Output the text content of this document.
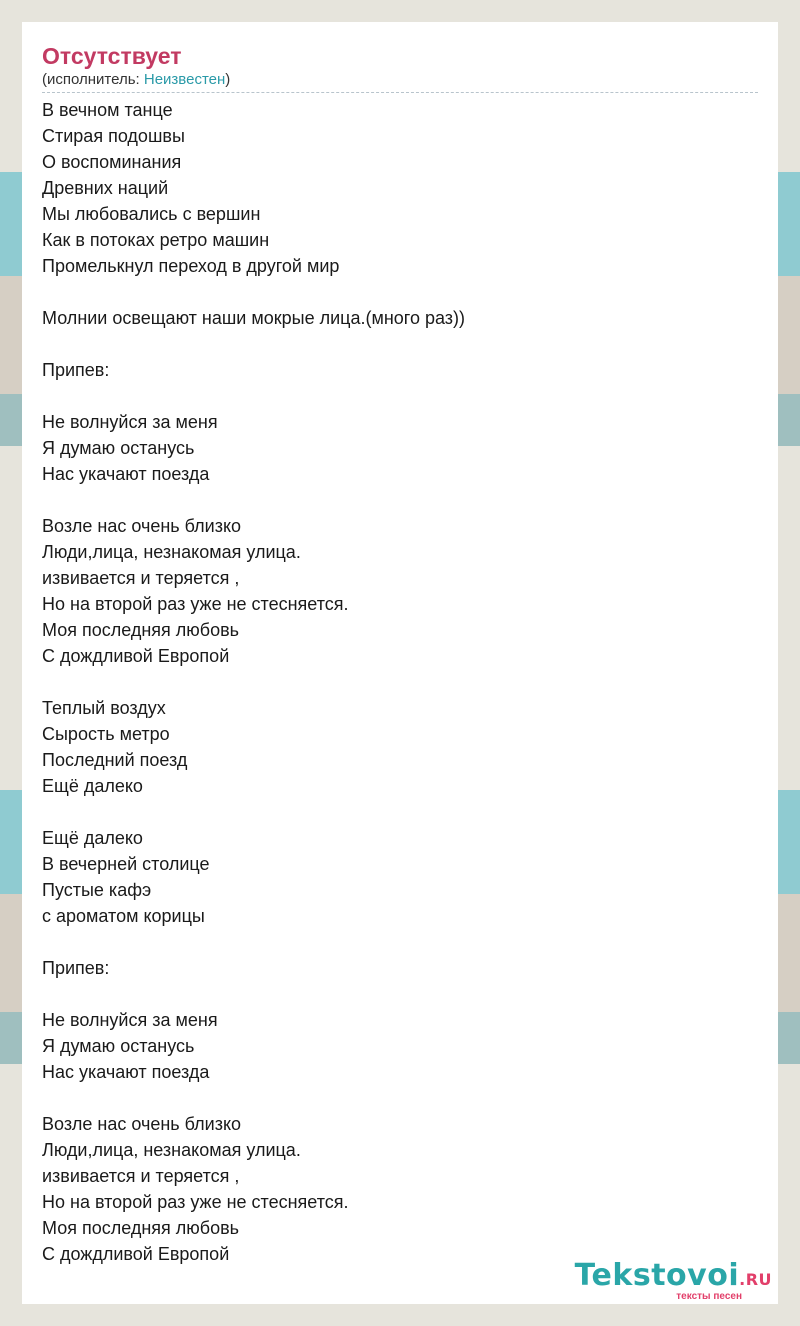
Отсутствует
(исполнитель: Неизвестен)
В вечном танце
Стирая подошвы
О воспоминания
Древних наций
Мы любовались с вершин
Как в потоках ретро машин
Промелькнул переход в другой мир
Молнии освещают наши мокрые лица.(много раз))
Припев:
Не волнуйся за меня
Я думаю останусь
Нас укачают поезда
Возле нас очень близко
Люди,лица, незнакомая улица.
извивается и теряется ,
Но на второй раз уже не стесняется.
Моя последняя любовь
С дождливой Европой
Теплый воздух
Сырость метро
Последний поезд
Ещё далеко
Ещё далеко
В вечерней столице
Пустые кафэ
с ароматом корицы
Припев:
Не волнуйся за меня
Я думаю останусь
Нас укачают поезда
Возле нас очень близко
Люди,лица, незнакомая улица.
извивается и теряется ,
Но на второй раз уже не стесняется.
Моя последняя любовь
С дождливой Европой
Tekstovoi.RU
тексты песен
